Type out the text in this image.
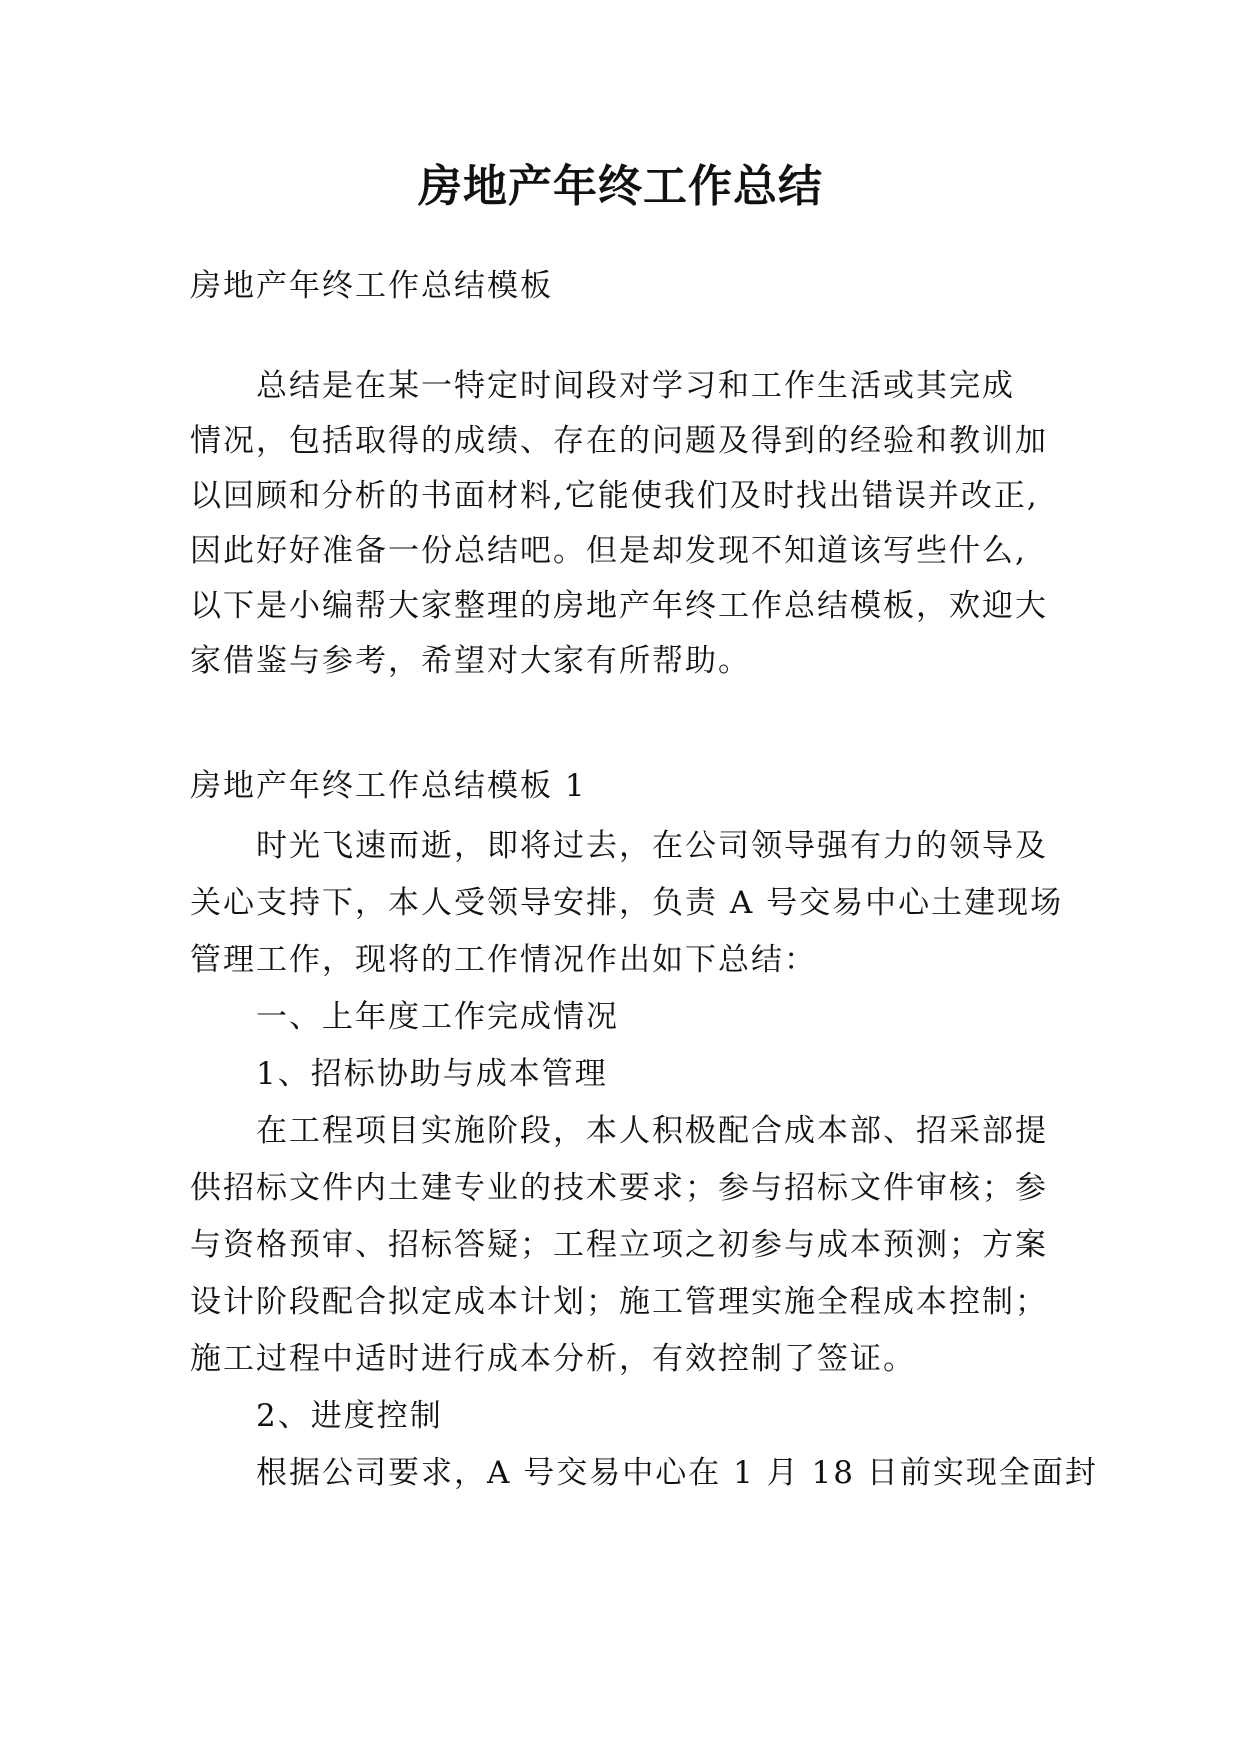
房地产年终工作总结
房地产年终工作总结模板
总结是在某一特定时间段对学习和工作生活或其完成
情况，包括取得的成绩、存在的问题及得到的经验和教训加
以回顾和分析的书面材料,它能使我们及时找出错误并改正,
因此好好准备一份总结吧。但是却发现不知道该写些什么,
以下是小编帮大家整理的房地产年终工作总结模板，欢迎大
家借鉴与参考，希望对大家有所帮助。
房地产年终工作总结模板 1
时光飞速而逝，即将过去，在公司领导强有力的领导及
关心支持下，本人受领导安排，负责 A 号交易中心土建现场
管理工作，现将的工作情况作出如下总结：
一、上年度工作完成情况
1、招标协助与成本管理
在工程项目实施阶段，本人积极配合成本部、招采部提
供招标文件内土建专业的技术要求；参与招标文件审核；参
与资格预审、招标答疑；工程立项之初参与成本预测；方案
设计阶段配合拟定成本计划；施工管理实施全程成本控制；
施工过程中适时进行成本分析，有效控制了签证。
2、进度控制
根据公司要求，A 号交易中心在 1 月 18 日前实现全面封
